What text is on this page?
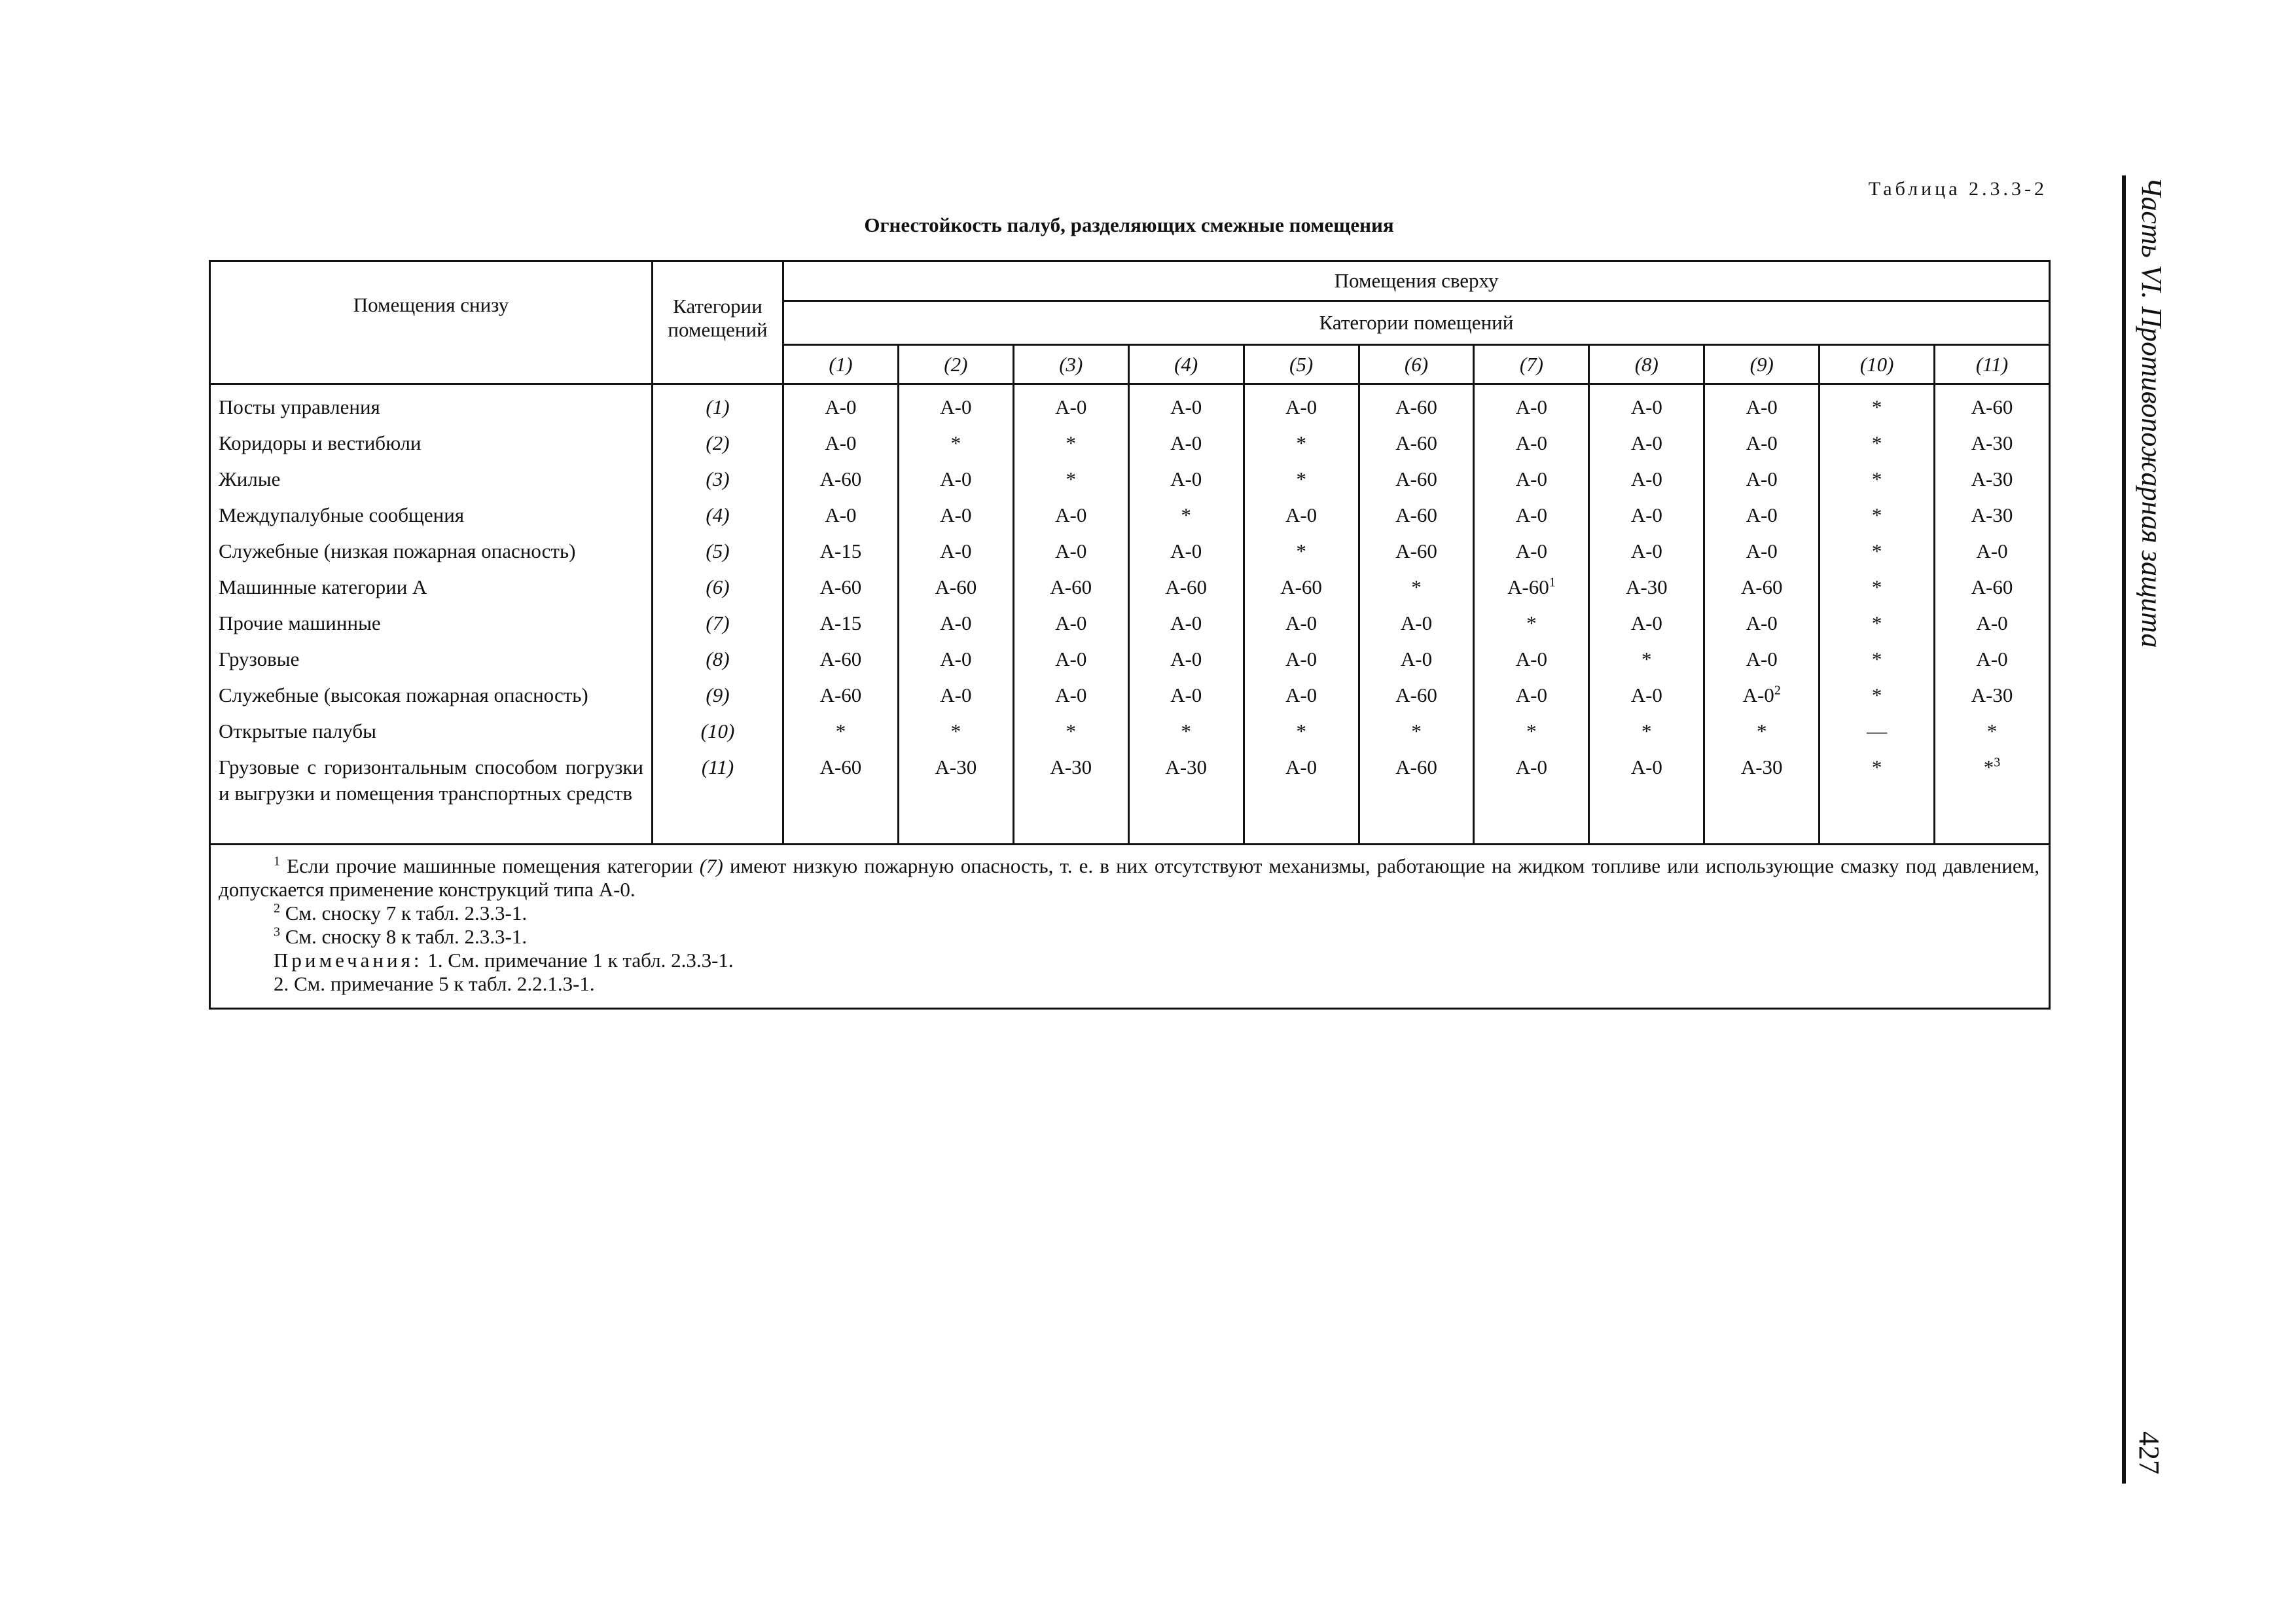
Таблица 2.3.3-2
Огнестойкость палуб, разделяющих смежные помещения
Помещения снизу	Категории помещений	Помещения сверху										
		Категории помещений										
		(1)	(2)	(3)	(4)	(5)	(6)	(7)	(8)	(9)	(10)	(11)
Посты управления	(1)	A-0	A-0	A-0	A-0	A-0	A-60	A-0	A-0	A-0	*	A-60
Коридоры и вестибюли	(2)	A-0	*	*	A-0	*	A-60	A-0	A-0	A-0	*	A-30
Жилые	(3)	A-60	A-0	*	A-0	*	A-60	A-0	A-0	A-0	*	A-30
Междупалубные сообщения	(4)	A-0	A-0	A-0	*	A-0	A-60	A-0	A-0	A-0	*	A-30
Служебные (низкая пожарная опасность)	(5)	A-15	A-0	A-0	A-0	*	A-60	A-0	A-0	A-0	*	A-0
Машинные категории А	(6)	A-60	A-60	A-60	A-60	A-60	*	$A-60^1$	A-30	A-60	*	A-60
Прочие машинные	(7)	A-15	A-0	A-0	A-0	A-0	A-0	*	A-0	A-0	*	A-0
Грузовые	(8)	A-60	A-0	A-0	A-0	A-0	A-0	A-0	*	A-0	*	A-0
Служебные (высокая пожарная опасность)	(9)	A-60	A-0	A-0	A-0	A-0	A-60	A-0	A-0	$A-0^2$	*	A-30
Открытые палубы	(10)	*	*	*	*	*	*	*	*	*	—	*
Грузовые с горизонтальным способом погрузки и выгрузки и помещения транспортных средств	(11)	A-60	A-30	A-30	A-30	A-0	A-60	A-0	A-0	A-30	*	*$^3$

$^1$ Если прочие машинные помещения категории (7) имеют низкую пожарную опасность, т. е. в них отсутствуют механизмы, работающие на жидком топливе или использующие смазку под давлением, допускается применение конструкций типа А-0.
$^2$ См. сноску 7 к табл. 2.3.3-1.
$^3$ См. сноску 8 к табл. 2.3.3-1.
Примечания: 1. См. примечание 1 к табл. 2.3.3-1.
2. См. примечание 5 к табл. 2.2.1.3-1.												
Часть VI. Противопожарная защита
427
